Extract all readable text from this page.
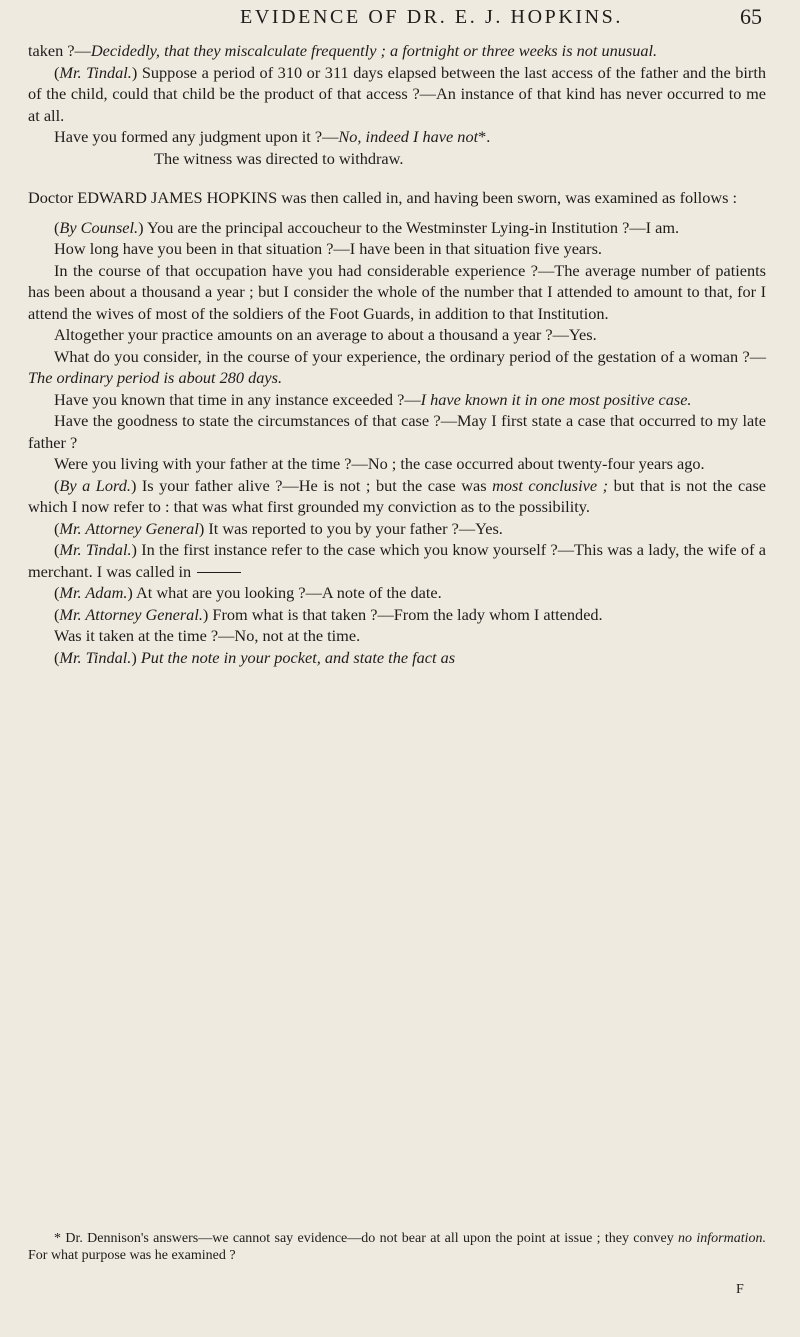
EVIDENCE OF DR. E. J. HOPKINS.	65

taken ?—Decidedly, that they miscalculate frequently ; a fortnight or three weeks is not unusual.

(Mr. Tindal.) Suppose a period of 310 or 311 days elapsed between the last access of the father and the birth of the child, could that child be the product of that access ?—An instance of that kind has never occurred to me at all.

Have you formed any judgment upon it ?—No, indeed I have not*.

The witness was directed to withdraw.

Doctor EDWARD JAMES HOPKINS was then called in, and having been sworn, was examined as follows :

(By Counsel.) You are the principal accoucheur to the Westminster Lying-in Institution ?—I am.

How long have you been in that situation ?—I have been in that situation five years.

In the course of that occupation have you had considerable experience ?—The average number of patients has been about a thousand a year ; but I consider the whole of the number that I attended to amount to that, for I attend the wives of most of the soldiers of the Foot Guards, in addition to that Institution.

Altogether your practice amounts on an average to about a thousand a year ?—Yes.

What do you consider, in the course of your experience, the ordinary period of the gestation of a woman ?—The ordinary period is about 280 days.

Have you known that time in any instance exceeded ?—I have known it in one most positive case.

Have the goodness to state the circumstances of that case ?—May I first state a case that occurred to my late father ?

Were you living with your father at the time ?—No ; the case occurred about twenty-four years ago.

(By a Lord.) Is your father alive ?—He is not ; but the case was most conclusive ; but that is not the case which I now refer to : that was what first grounded my conviction as to the possibility.

(Mr. Attorney General) It was reported to you by your father ?—Yes.

(Mr. Tindal.) In the first instance refer to the case which you know yourself ?—This was a lady, the wife of a merchant. I was called in

(Mr. Adam.) At what are you looking ?—A note of the date.

(Mr. Attorney General.) From what is that taken ?—From the lady whom I attended.

Was it taken at the time ?—No, not at the time.

(Mr. Tindal.) Put the note in your pocket, and state the fact as

* Dr. Dennison's answers—we cannot say evidence—do not bear at all upon the point at issue ; they convey no information. For what purpose was he examined ?

F
